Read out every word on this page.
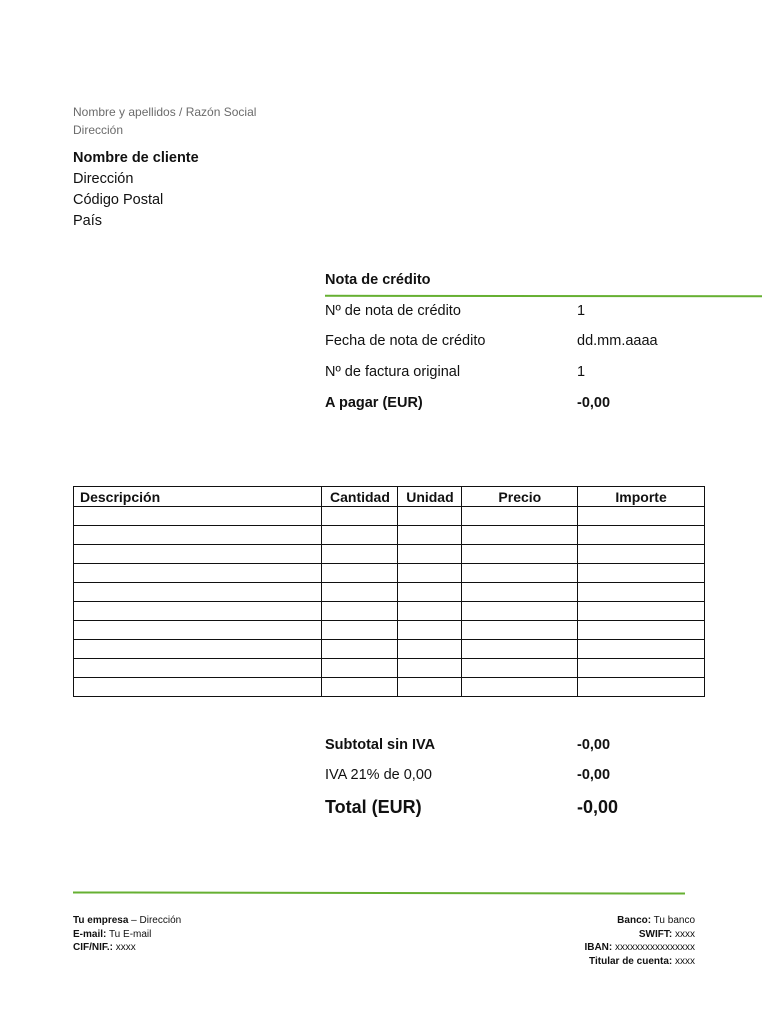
Nombre y apellidos / Razón Social
Dirección
Nombre de cliente
Dirección
Código Postal
País
Nota de crédito
Nº de nota de crédito	1
Fecha de nota de crédito	dd.mm.aaaa
Nº de factura original	1
A pagar (EUR)	-0,00
Descripción	Cantidad	Unidad	Precio	Importe

Subtotal sin IVA	-0,00
IVA 21% de 0,00	-0,00
Total (EUR)	-0,00
Tu empresa – Dirección
E-mail: Tu E-mail
CIF/NIF.: xxxx
Banco: Tu banco
SWIFT: xxxx
IBAN: xxxxxxxxxxxxxxxx
Titular de cuenta: xxxx
